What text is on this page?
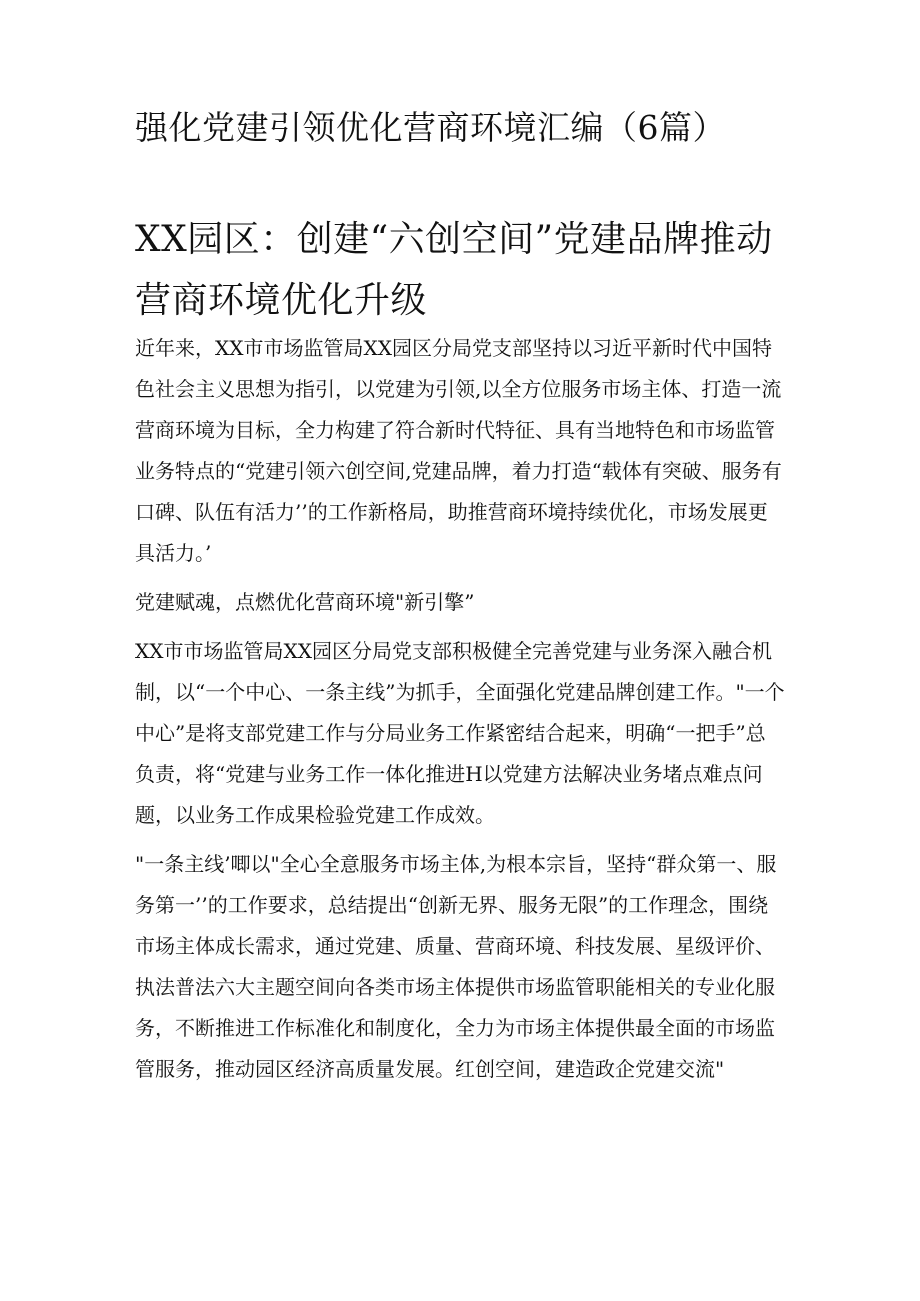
强化党建引领优化营商环境汇编（6篇）
XX园区：创建“六创空间”党建品牌推动营商环境优化升级

近年来，XX市市场监管局XX园区分局党支部坚持以习近平新时代中国特色社会主义思想为指引，以党建为引领,以全方位服务市场主体、打造一流营商环境为目标，全力构建了符合新时代特征、具有当地特色和市场监管业务特点的“党建引领六创空间,党建品牌，着力打造“载体有突破、服务有口碑、队伍有活力’’的工作新格局，助推营商环境持续优化，市场发展更具活力。’

党建赋魂，点燃优化营商环境"新引擎”

XX市市场监管局XX园区分局党支部积极健全完善党建与业务深入融合机制，以“一个中心、一条主线”为抓手，全面强化党建品牌创建工作。"一个中心”是将支部党建工作与分局业务工作紧密结合起来，明确“一把手”总负责，将“党建与业务工作一体化推进H以党建方法解决业务堵点难点问题，以业务工作成果检验党建工作成效。

"一条主线’唧以"全心全意服务市场主体,为根本宗旨，坚持“群众第一、服务第一’’的工作要求，总结提出“创新无界、服务无限”的工作理念，围绕市场主体成长需求，通过党建、质量、营商环境、科技发展、星级评价、执法普法六大主题空间向各类市场主体提供市场监管职能相关的专业化服务，不断推进工作标准化和制度化，全力为市场主体提供最全面的市场监管服务，推动园区经济高质量发展。红创空间，建造政企党建交流"
